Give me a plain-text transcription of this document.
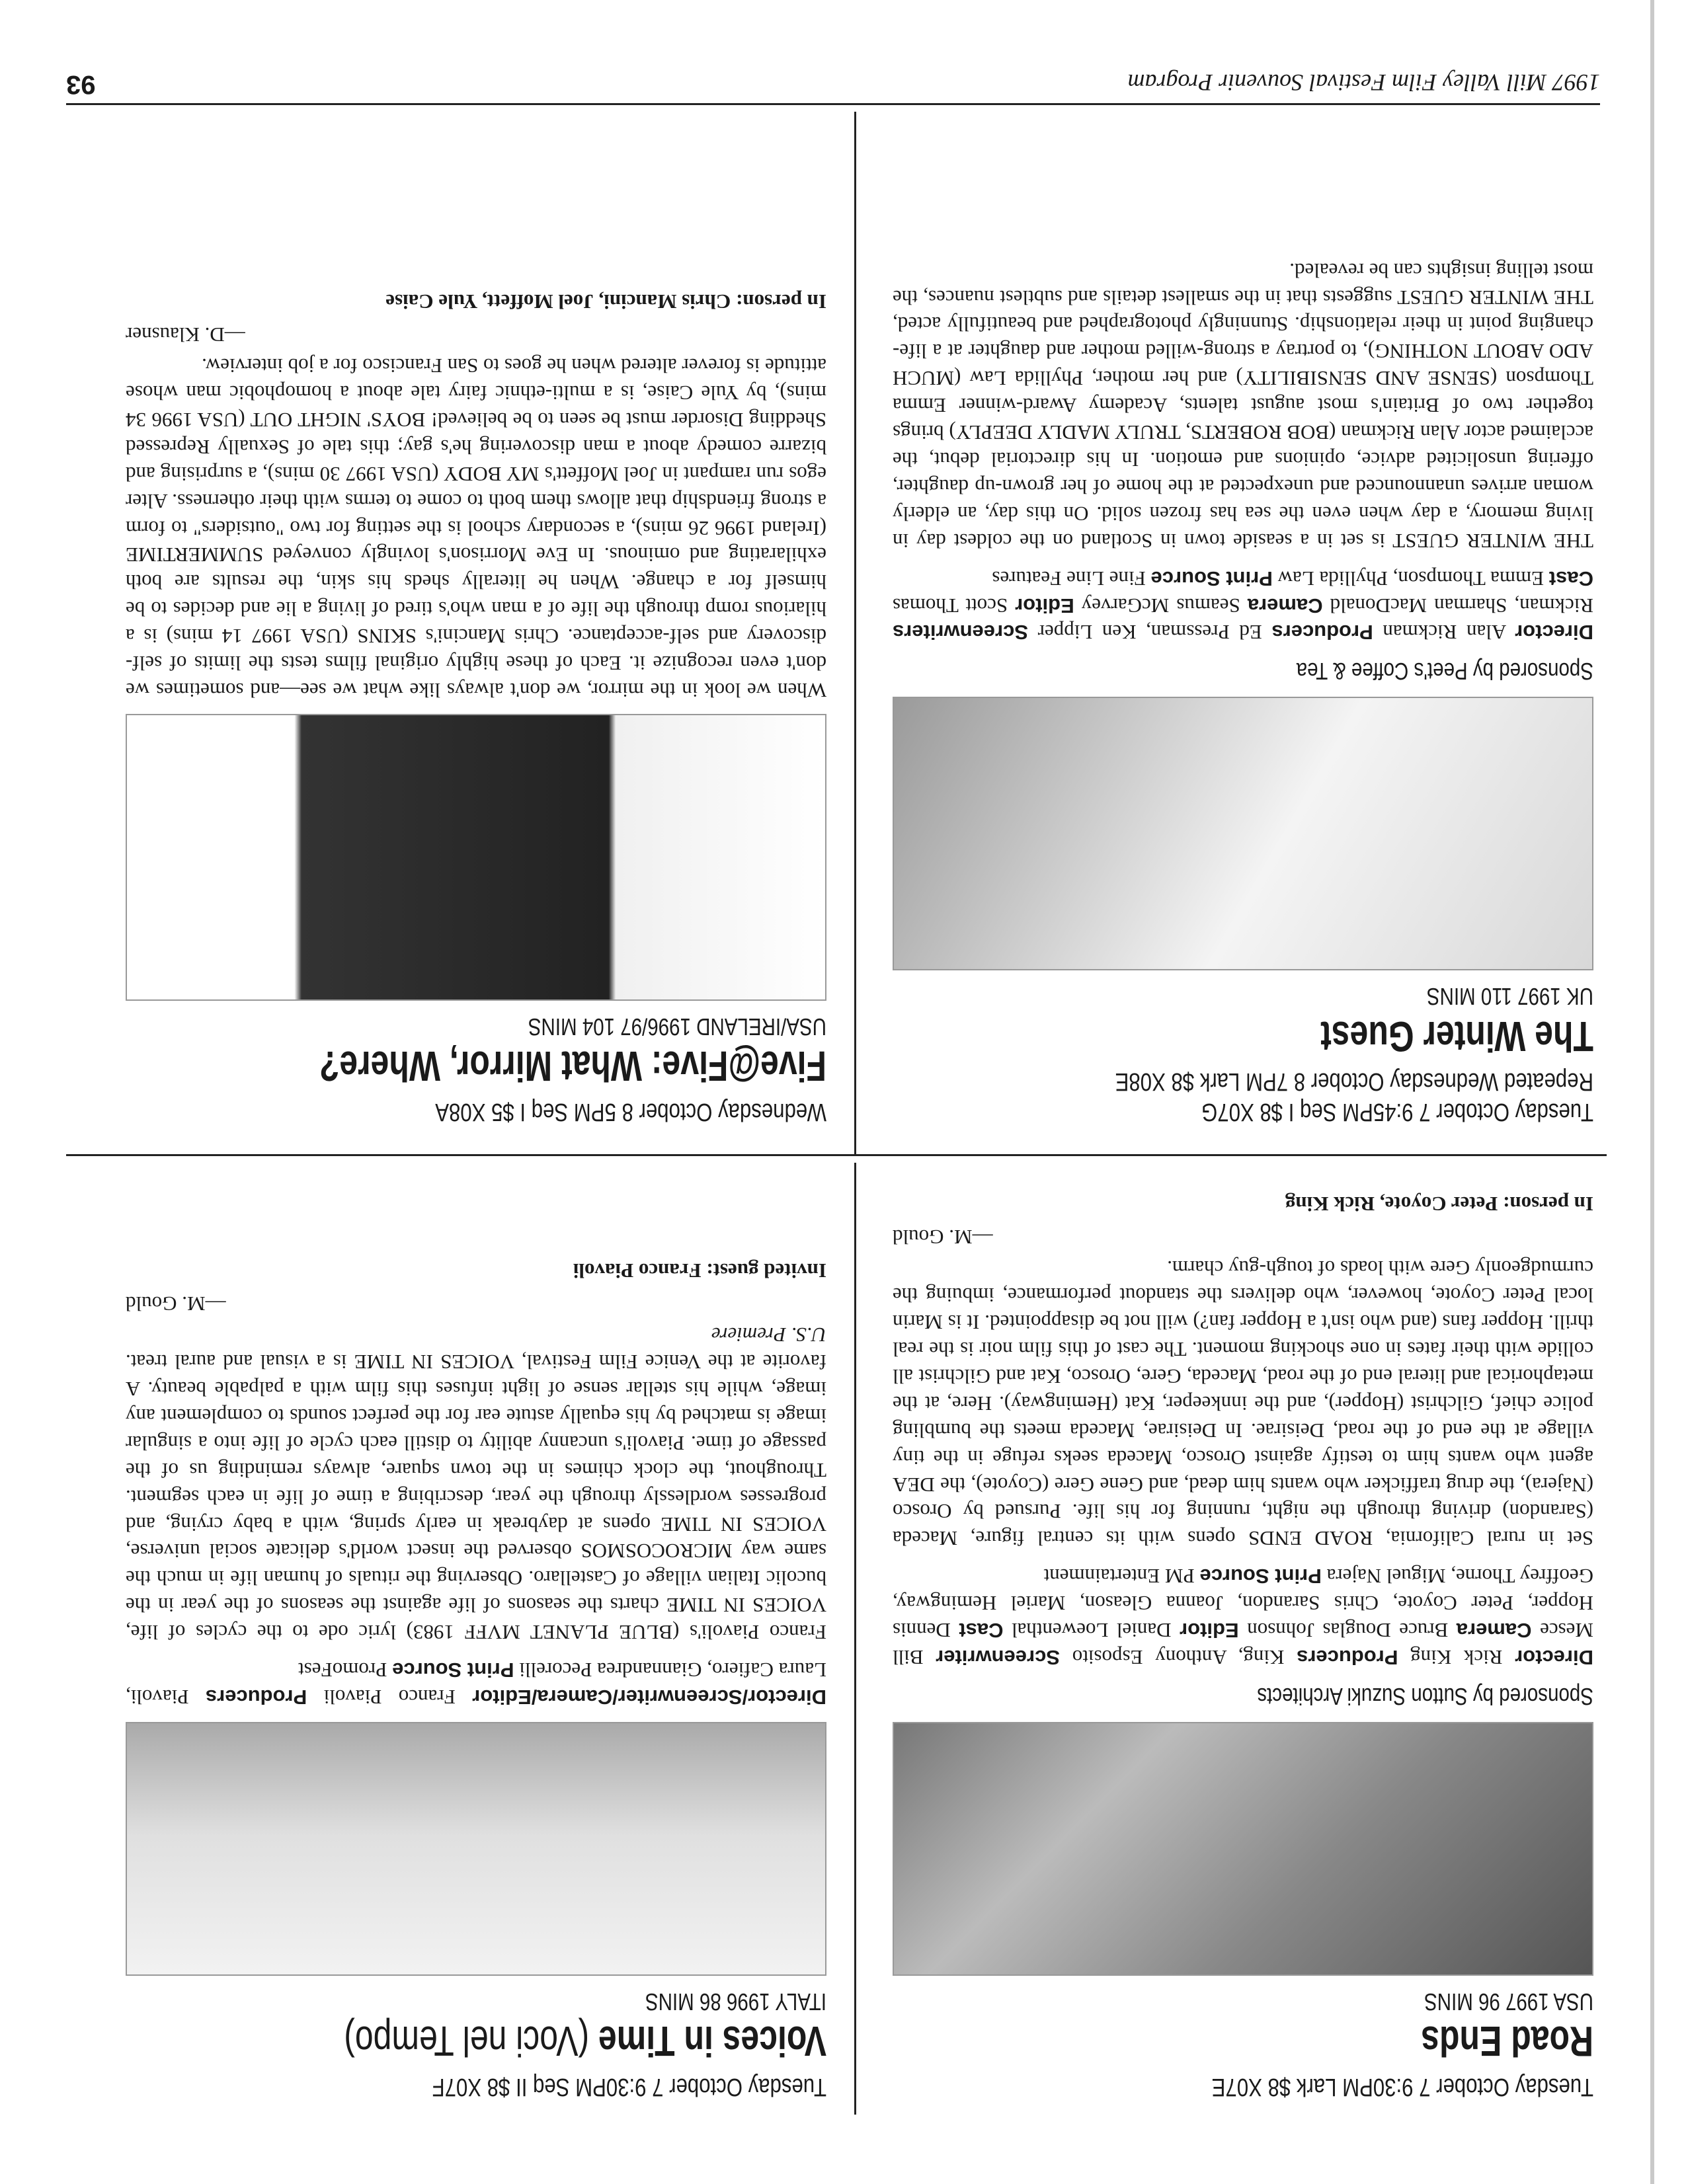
Tuesday October 7 9:30PM Lark $8 X07E
Road Ends
USA 1997 96 MINS
Sponsored by Sutton Suzuki Architects
Director Rick King Producers King, Anthony Esposito Screenwriter Bill Mesce Camera Bruce Douglas Johnson Editor Daniel Loewenthal Cast Dennis Hopper, Peter Coyote, Chris Sarandon, Joanna Gleason, Mariel Hemingway, Geoffrey Thorne, Miguel Najera Print Source PM Entertainment
Set in rural California, ROAD ENDS opens with its central figure, Maceda (Sarandon) driving through the night, running for his life. Pursued by Orosco (Najera), the drug trafficker who wants him dead, and Gene Gere (Coyote), the DEA agent who wants him to testify against Orosco, Maceda seeks refuge in the tiny village at the end of the road, Deisirae. In Deisirae, Maceda meets the bumbling police chief, Gilchrist (Hopper), and the innkeeper, Kat (Hemingway). Here, at the metaphorical and literal end of the road, Maceda, Gere, Orosco, Kat and Gilchrist all collide with their fates in one shocking moment. The cast of this film noir is the real thrill. Hopper fans (and who isn't a Hopper fan?) will not be disappointed. It is Marin local Peter Coyote, however, who delivers the standout performance, imbuing the curmudgeonly Gere with loads of tough-guy charm.
—M. Gould
In person: Peter Coyote, Rick King
Tuesday October 7 9:30PM Seq II $8 X07F
Voices in Time (Voci nel Tempo)
ITALY 1996 86 MINS
Director/Screenwriter/Camera/Editor Franco Piavoli Producers Piavoli, Laura Cafiero, Giannandrea Pecorelli Print Source PromoFest
Franco Piavoli's (BLUE PLANET MVFF 1983) lyric ode to the cycles of life, VOICES IN TIME charts the seasons of life against the seasons of the year in the bucolic Italian village of Castellaro. Observing the rituals of human life in much the same way MICROCOSMOS observed the insect world's delicate social universe, VOICES IN TIME opens at daybreak in early spring, with a baby crying, and progresses wordlessly through the year, describing a time of life in each segment. Throughout, the clock chimes in the town square, always reminding us of the passage of time. Piavoli's uncanny ability to distill each cycle of life into a singular image is matched by his equally astute ear for the perfect sounds to complement any image, while his stellar sense of light infuses this film with a palpable beauty. A favorite at the Venice Film Festival, VOICES IN TIME is a visual and aural treat. U.S. Premiere
—M. Gould
Invited guest: Franco Piavoli
Tuesday October 7 9:45PM Seq I $8 X07G
Repeated Wednesday October 8 7PM Lark $8 X08E
The Winter Guest
UK 1997 110 MINS
Sponsored by Peet's Coffee & Tea
Director Alan Rickman Producers Ed Pressman, Ken Lipper Screenwriters Rickman, Sharman MacDonald Camera Seamus McGarvey Editor Scott Thomas Cast Emma Thompson, Phyllida Law Print Source Fine Line Features
THE WINTER GUEST is set in a seaside town in Scotland on the coldest day in living memory, a day when even the sea has frozen solid. On this day, an elderly woman arrives unannounced and unexpected at the home of her grown-up daughter, offering unsolicited advice, opinions and emotion. In his directorial debut, the acclaimed actor Alan Rickman (BOB ROBERTS, TRULY MADLY DEEPLY) brings together two of Britain's most august talents, Academy Award-winner Emma Thompson (SENSE AND SENSIBILITY) and her mother, Phyllida Law (MUCH ADO ABOUT NOTHING), to portray a strong-willed mother and daughter at a life-changing point in their relationship. Stunningly photographed and beautifully acted, THE WINTER GUEST suggests that in the smallest details and subtlest nuances, the most telling insights can be revealed.
Wednesday October 8 5PM Seq I $5 X08A
Five@Five: What Mirror, Where?
USA/IRELAND 1996/97 104 MINS
When we look in the mirror, we don't always like what we see—and sometimes we don't even recognize it. Each of these highly original films tests the limits of self-discovery and self-acceptance. Chris Mancini's SKINS (USA 1997 14 mins) is a hilarious romp through the life of a man who's tired of living a lie and decides to be himself for a change. When he literally sheds his skin, the results are both exhilarating and ominous. In Eve Morrison's lovingly conveyed SUMMERTIME (Ireland 1996 26 mins), a secondary school is the setting for two "outsiders" to form a strong friendship that allows them both to come to terms with their otherness. Alter egos run rampant in Joel Moffett's MY BODY (USA 1997 30 mins), a surprising and bizarre comedy about a man discovering he's gay; this tale of Sexually Repressed Shedding Disorder must be seen to be believed! BOYS' NIGHT OUT (USA 1996 34 mins), by Yule Caise, is a multi-ethnic fairy tale about a homophobic man whose attitude is forever altered when he goes to San Francisco for a job interview.
—D. Klausner
In person: Chris Mancini, Joel Moffett, Yule Caise
1997 Mill Valley Film Festival Souvenir Program
93
